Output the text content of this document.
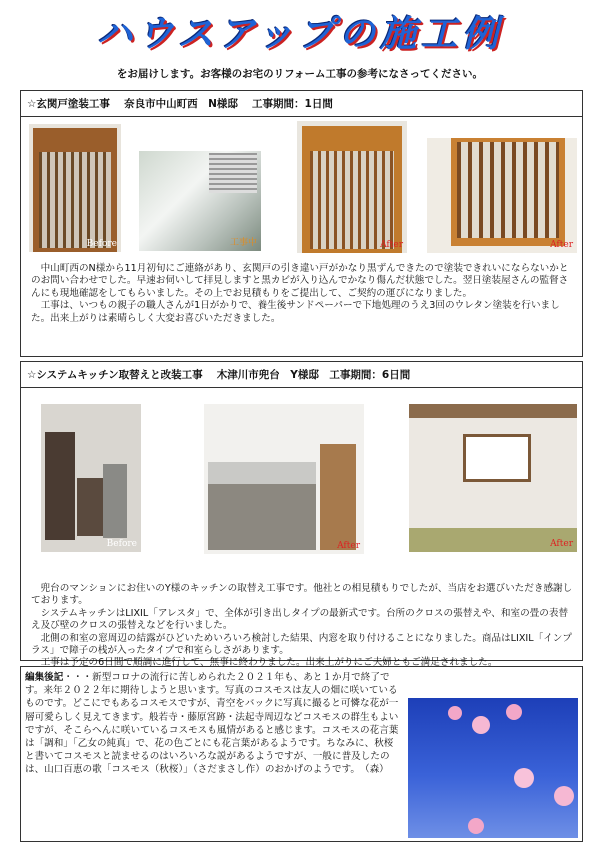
ハウスアップの施工例
をお届けします。お客様のお宅のリフォーム工事の参考になさってください。
☆玄関戸塗装工事　 奈良市中山町西　N様邸　 工事期間：1日間
Before	工事中	After	After

　中山町西のN様から11月初旬にご連絡があり、玄関戸の引き違い戸がかなり黒ずんできたので塗装できれいにならないかとのお問い合わせでした。早速お伺いして拝見しますと黒カビが入り込んでかなり傷んだ状態でした。翌日塗装屋さんの監督さんにも現地確認をしてもらいました。その上でお見積もりをご提出して、ご契約の運びになりました。

　工事は、いつもの親子の職人さんが1日がかりで、養生後サンドペーパーで下地処理のうえ3回のウレタン塗装を行いました。出来上がりは素晴らしく大変お喜びいただきました。

☆システムキッチン取替えと改装工事　 木津川市兜台　Y様邸　工事期間：6日間
Before	After	After

　兜台のマンションにお住いのY様のキッチンの取替え工事です。他社との相見積もりでしたが、当店をお選びいただき感謝しております。

　システムキッチンはLIXIL「アレスタ」で、全体が引き出しタイプの最新式です。台所のクロスの張替えや、和室の畳の表替え及び壁のクロスの張替えなどを行いました。

　北側の和室の窓周辺の結露がひどいためいろいろ検討した結果、内窓を取り付けることになりました。商品はLIXIL「インプラス」で障子の桟が入ったタイプで和室らしさがあります。

　工事は予定の6日間で順調に進行して、無事に終わりました。出来上がりにご夫婦ともご満足されました。

編集後記・・・新型コロナの流行に苦しめられた２０２１年も、あと１か月で終了です。来年２０２２年に期待しようと思います。写真のコスモスは友人の畑に咲いているものです。どこにでもあるコスモスですが、青空をバックに写真に撮ると可憐な花が一層可愛らしく見えてきます。般若寺・藤原宮跡・法起寺周辺などコスモスの群生もよいですが、そこらへんに咲いているコスモスも風情があると感じます。コスモスの花言葉は「調和」「乙女の純真」で、花の色ごとにも花言葉があるようです。ちなみに、秋桜と書いてコスモスと読ませるのはいろいろな説があるようですが、一般に普及したのは、山口百恵の歌「コスモス（秋桜）」（さだまさし作）のおかげのようです。　（森）
